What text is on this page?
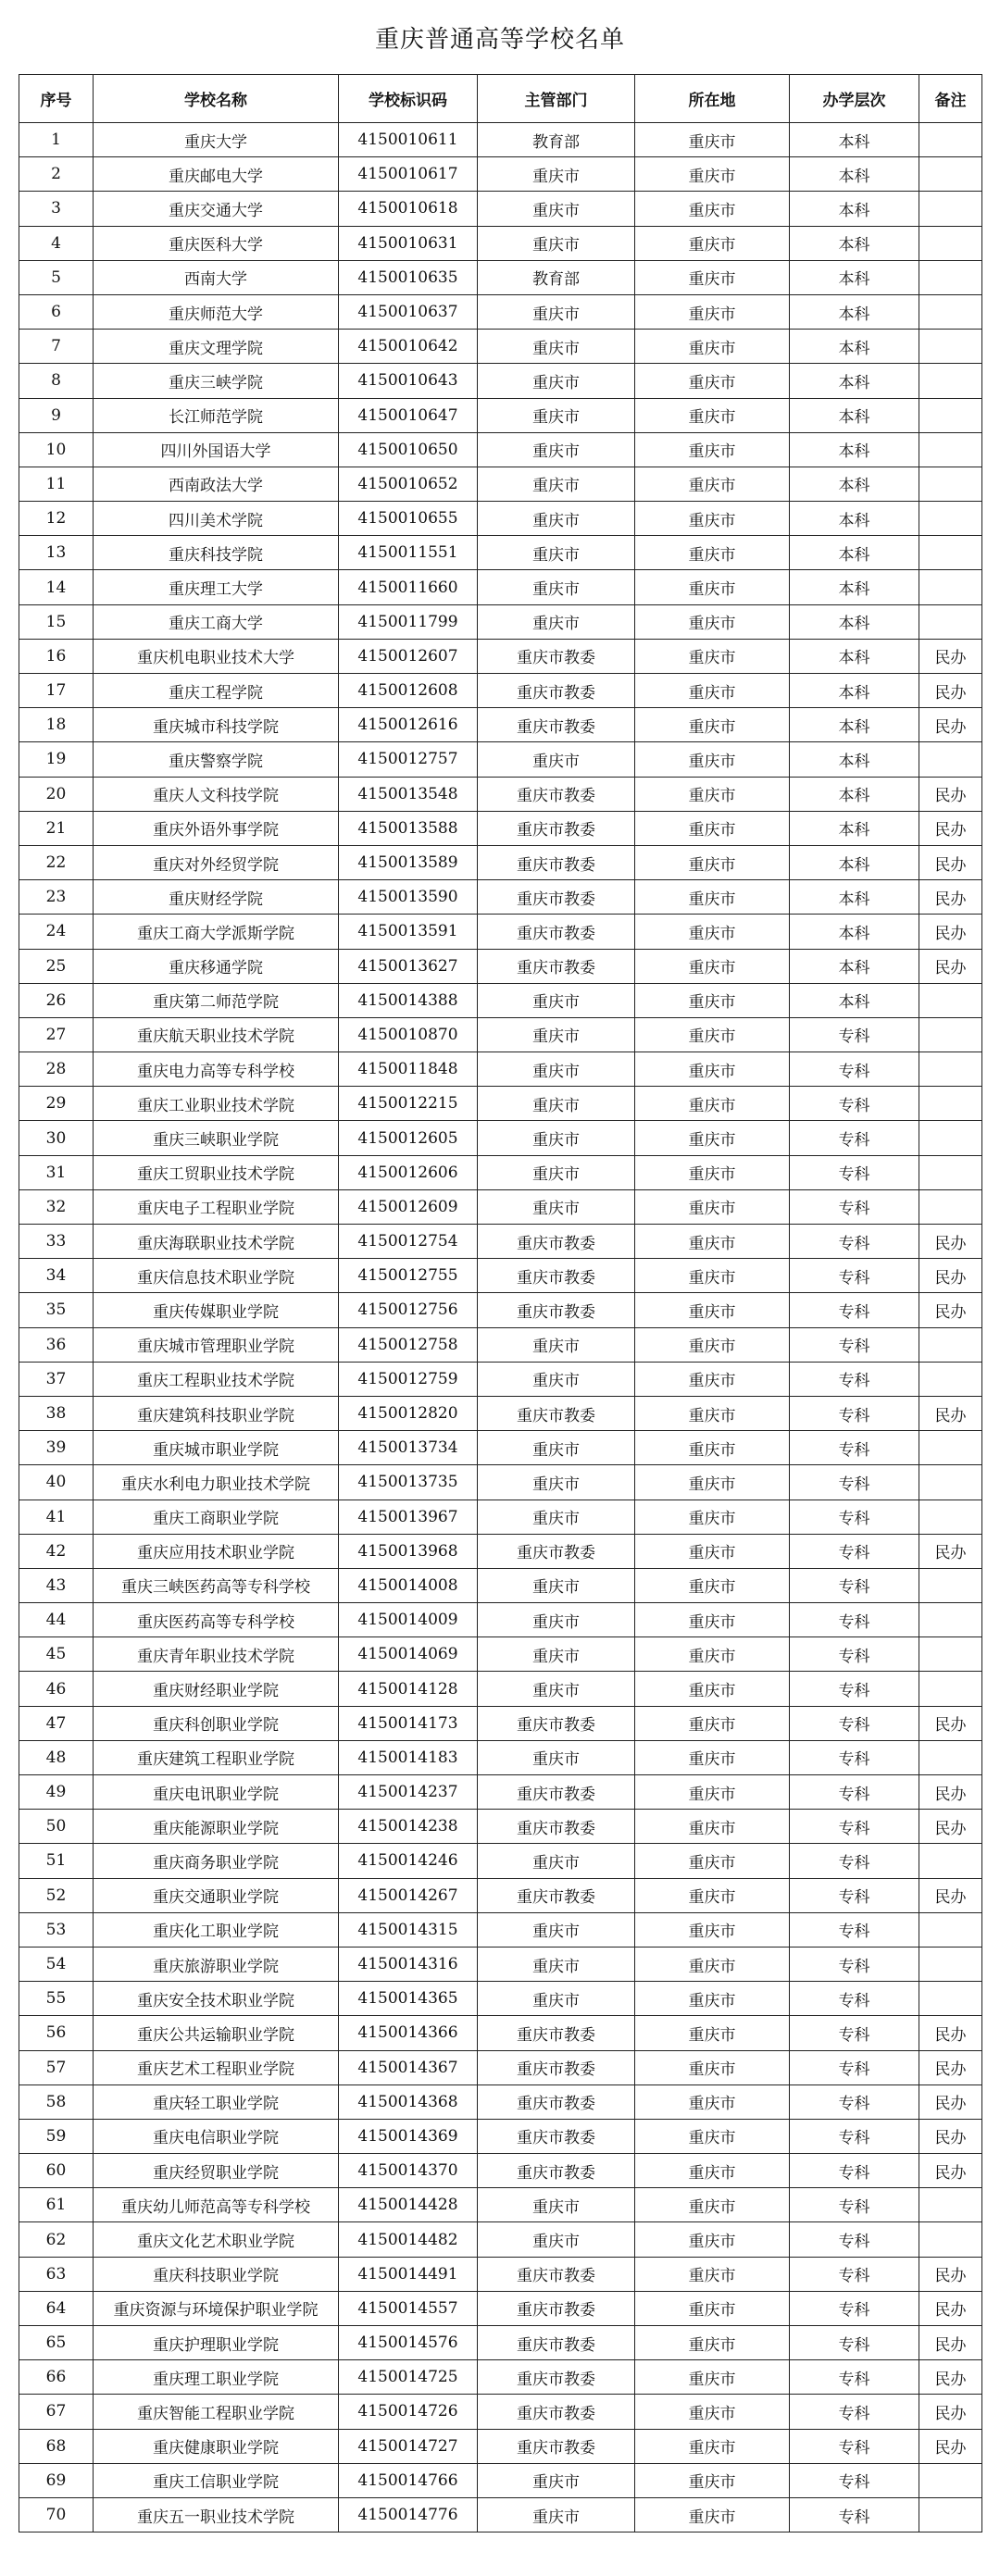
重庆普通高等学校名单
序号	学校名称	学校标识码	主管部门	所在地	办学层次	备注
1	重庆大学	4150010611	教育部	重庆市	本科	
2	重庆邮电大学	4150010617	重庆市	重庆市	本科	
3	重庆交通大学	4150010618	重庆市	重庆市	本科	
4	重庆医科大学	4150010631	重庆市	重庆市	本科	
5	西南大学	4150010635	教育部	重庆市	本科	
6	重庆师范大学	4150010637	重庆市	重庆市	本科	
7	重庆文理学院	4150010642	重庆市	重庆市	本科	
8	重庆三峡学院	4150010643	重庆市	重庆市	本科	
9	长江师范学院	4150010647	重庆市	重庆市	本科	
10	四川外国语大学	4150010650	重庆市	重庆市	本科	
11	西南政法大学	4150010652	重庆市	重庆市	本科	
12	四川美术学院	4150010655	重庆市	重庆市	本科	
13	重庆科技学院	4150011551	重庆市	重庆市	本科	
14	重庆理工大学	4150011660	重庆市	重庆市	本科	
15	重庆工商大学	4150011799	重庆市	重庆市	本科	
16	重庆机电职业技术大学	4150012607	重庆市教委	重庆市	本科	民办
17	重庆工程学院	4150012608	重庆市教委	重庆市	本科	民办
18	重庆城市科技学院	4150012616	重庆市教委	重庆市	本科	民办
19	重庆警察学院	4150012757	重庆市	重庆市	本科	
20	重庆人文科技学院	4150013548	重庆市教委	重庆市	本科	民办
21	重庆外语外事学院	4150013588	重庆市教委	重庆市	本科	民办
22	重庆对外经贸学院	4150013589	重庆市教委	重庆市	本科	民办
23	重庆财经学院	4150013590	重庆市教委	重庆市	本科	民办
24	重庆工商大学派斯学院	4150013591	重庆市教委	重庆市	本科	民办
25	重庆移通学院	4150013627	重庆市教委	重庆市	本科	民办
26	重庆第二师范学院	4150014388	重庆市	重庆市	本科	
27	重庆航天职业技术学院	4150010870	重庆市	重庆市	专科	
28	重庆电力高等专科学校	4150011848	重庆市	重庆市	专科	
29	重庆工业职业技术学院	4150012215	重庆市	重庆市	专科	
30	重庆三峡职业学院	4150012605	重庆市	重庆市	专科	
31	重庆工贸职业技术学院	4150012606	重庆市	重庆市	专科	
32	重庆电子工程职业学院	4150012609	重庆市	重庆市	专科	
33	重庆海联职业技术学院	4150012754	重庆市教委	重庆市	专科	民办
34	重庆信息技术职业学院	4150012755	重庆市教委	重庆市	专科	民办
35	重庆传媒职业学院	4150012756	重庆市教委	重庆市	专科	民办
36	重庆城市管理职业学院	4150012758	重庆市	重庆市	专科	
37	重庆工程职业技术学院	4150012759	重庆市	重庆市	专科	
38	重庆建筑科技职业学院	4150012820	重庆市教委	重庆市	专科	民办
39	重庆城市职业学院	4150013734	重庆市	重庆市	专科	
40	重庆水利电力职业技术学院	4150013735	重庆市	重庆市	专科	
41	重庆工商职业学院	4150013967	重庆市	重庆市	专科	
42	重庆应用技术职业学院	4150013968	重庆市教委	重庆市	专科	民办
43	重庆三峡医药高等专科学校	4150014008	重庆市	重庆市	专科	
44	重庆医药高等专科学校	4150014009	重庆市	重庆市	专科	
45	重庆青年职业技术学院	4150014069	重庆市	重庆市	专科	
46	重庆财经职业学院	4150014128	重庆市	重庆市	专科	
47	重庆科创职业学院	4150014173	重庆市教委	重庆市	专科	民办
48	重庆建筑工程职业学院	4150014183	重庆市	重庆市	专科	
49	重庆电讯职业学院	4150014237	重庆市教委	重庆市	专科	民办
50	重庆能源职业学院	4150014238	重庆市教委	重庆市	专科	民办
51	重庆商务职业学院	4150014246	重庆市	重庆市	专科	
52	重庆交通职业学院	4150014267	重庆市教委	重庆市	专科	民办
53	重庆化工职业学院	4150014315	重庆市	重庆市	专科	
54	重庆旅游职业学院	4150014316	重庆市	重庆市	专科	
55	重庆安全技术职业学院	4150014365	重庆市	重庆市	专科	
56	重庆公共运输职业学院	4150014366	重庆市教委	重庆市	专科	民办
57	重庆艺术工程职业学院	4150014367	重庆市教委	重庆市	专科	民办
58	重庆轻工职业学院	4150014368	重庆市教委	重庆市	专科	民办
59	重庆电信职业学院	4150014369	重庆市教委	重庆市	专科	民办
60	重庆经贸职业学院	4150014370	重庆市教委	重庆市	专科	民办
61	重庆幼儿师范高等专科学校	4150014428	重庆市	重庆市	专科	
62	重庆文化艺术职业学院	4150014482	重庆市	重庆市	专科	
63	重庆科技职业学院	4150014491	重庆市教委	重庆市	专科	民办
64	重庆资源与环境保护职业学院	4150014557	重庆市教委	重庆市	专科	民办
65	重庆护理职业学院	4150014576	重庆市教委	重庆市	专科	民办
66	重庆理工职业学院	4150014725	重庆市教委	重庆市	专科	民办
67	重庆智能工程职业学院	4150014726	重庆市教委	重庆市	专科	民办
68	重庆健康职业学院	4150014727	重庆市教委	重庆市	专科	民办
69	重庆工信职业学院	4150014766	重庆市	重庆市	专科	
70	重庆五一职业技术学院	4150014776	重庆市	重庆市	专科	
